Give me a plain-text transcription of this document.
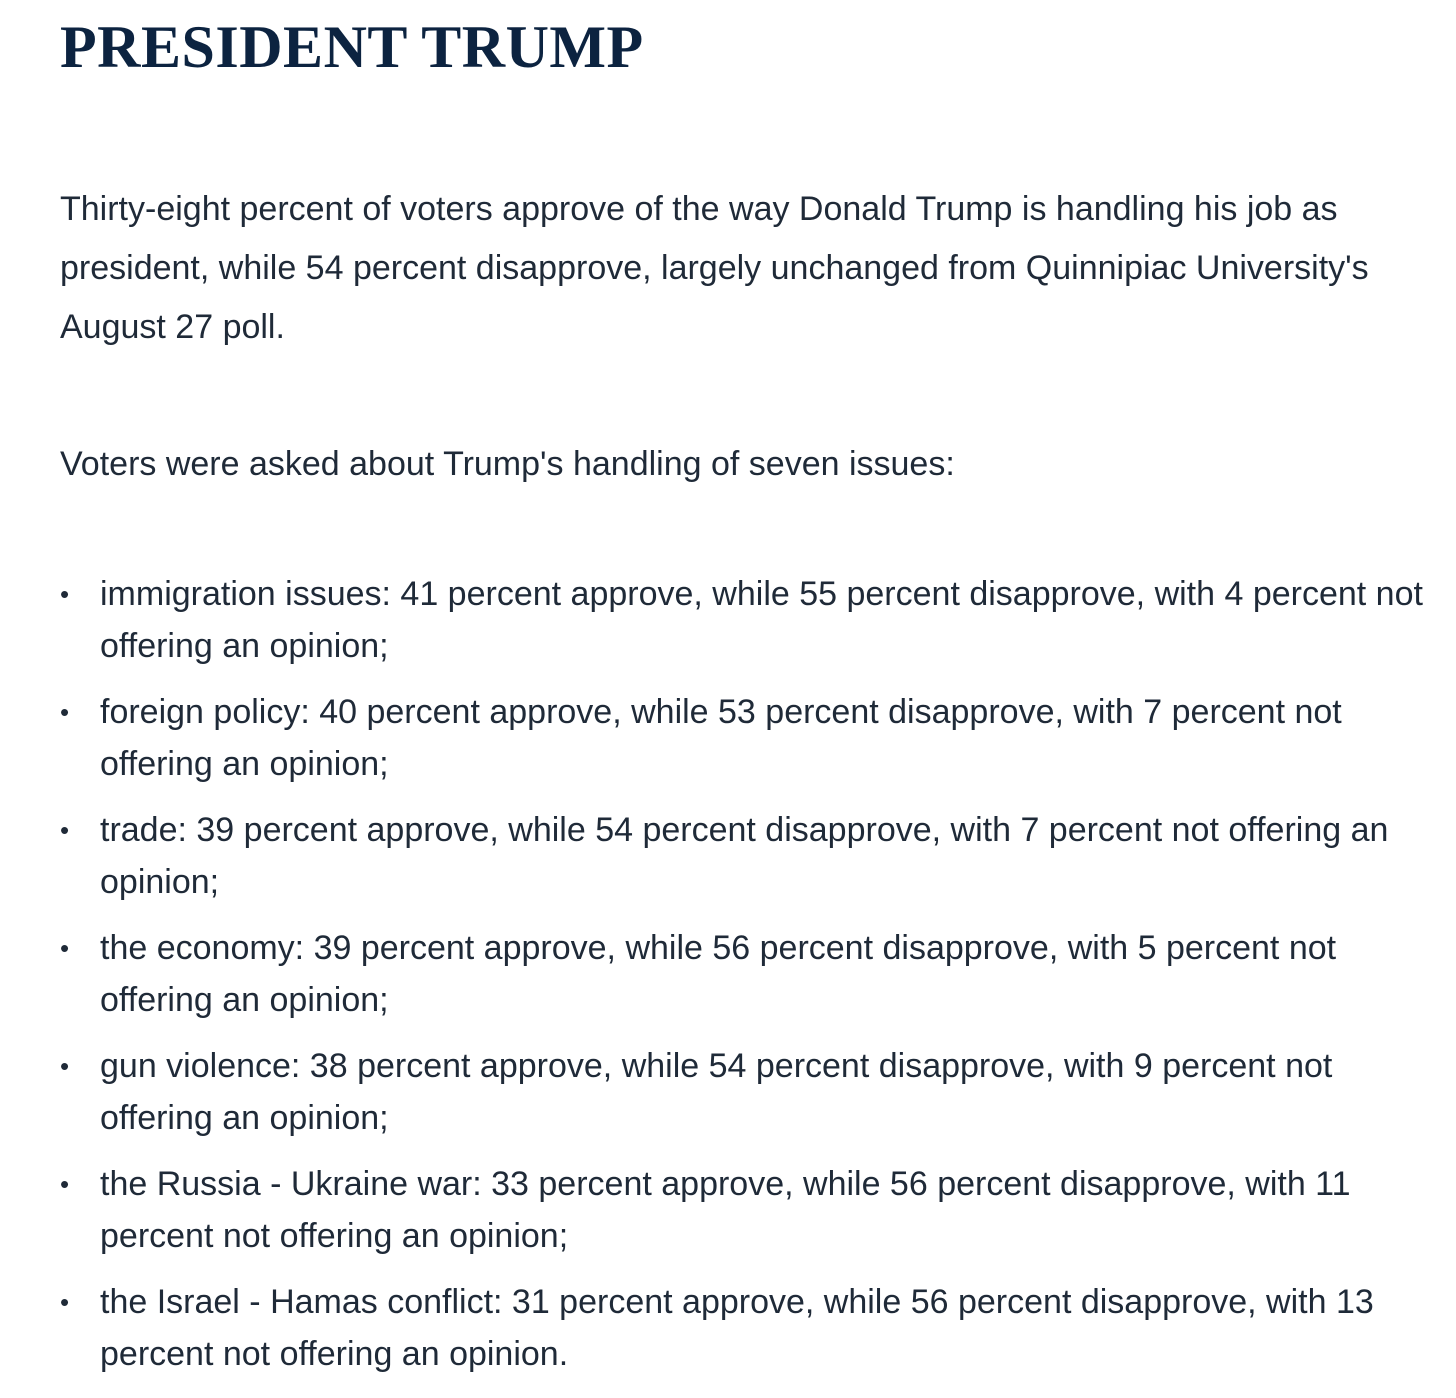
PRESIDENT TRUMP

Thirty-eight percent of voters approve of the way Donald Trump is handling his job as president, while 54 percent disapprove, largely unchanged from Quinnipiac University's August 27 poll.

Voters were asked about Trump's handling of seven issues:

• immigration issues: 41 percent approve, while 55 percent disapprove, with 4 percent not offering an opinion;
• foreign policy: 40 percent approve, while 53 percent disapprove, with 7 percent not offering an opinion;
• trade: 39 percent approve, while 54 percent disapprove, with 7 percent not offering an opinion;
• the economy: 39 percent approve, while 56 percent disapprove, with 5 percent not offering an opinion;
• gun violence: 38 percent approve, while 54 percent disapprove, with 9 percent not offering an opinion;
• the Russia - Ukraine war: 33 percent approve, while 56 percent disapprove, with 11 percent not offering an opinion;
• the Israel - Hamas conflict: 31 percent approve, while 56 percent disapprove, with 13 percent not offering an opinion.
